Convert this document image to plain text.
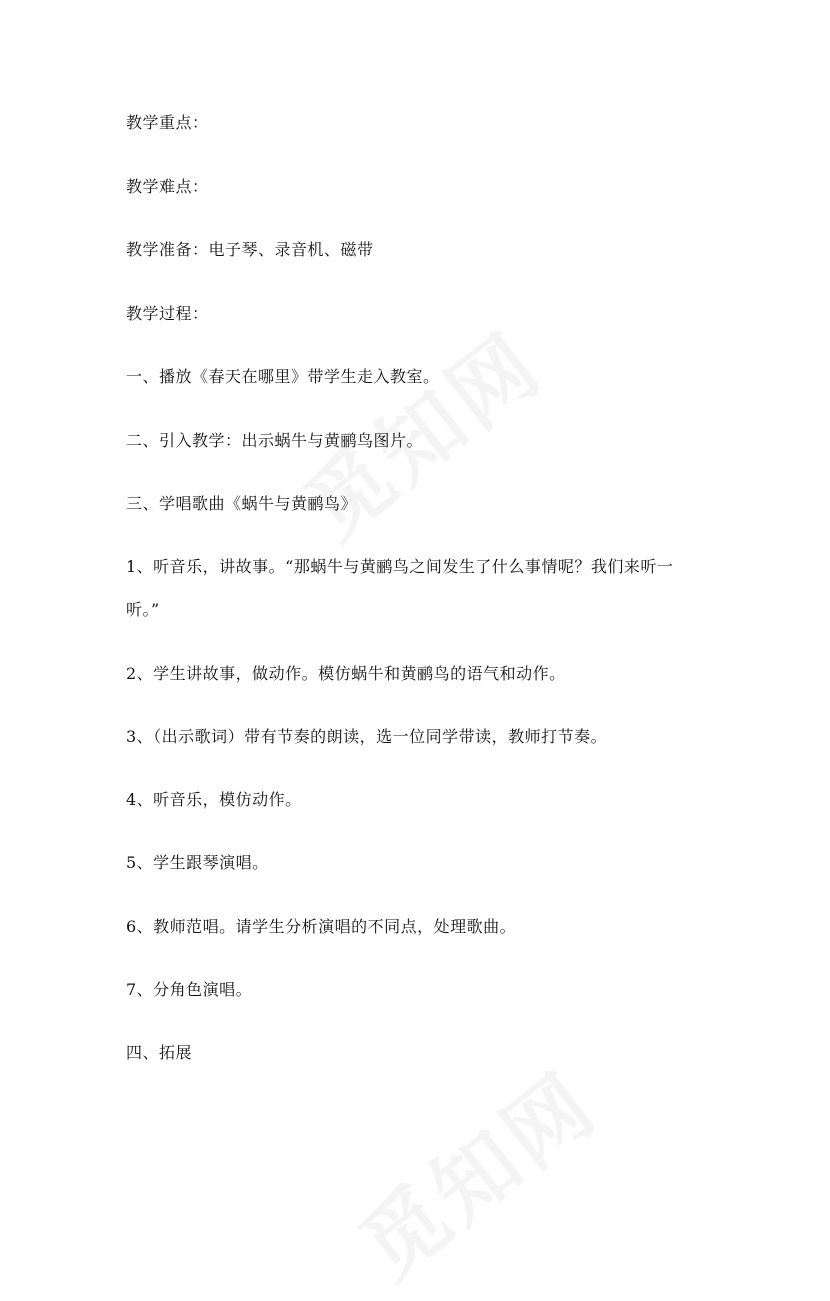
教学重点：
教学难点：
教学准备：电子琴、录音机、磁带
教学过程：
一、播放《春天在哪里》带学生走入教室。
二、引入教学：出示蜗牛与黄鹂鸟图片。
三、学唱歌曲《蜗牛与黄鹂鸟》
1、听音乐，讲故事。“那蜗牛与黄鹂鸟之间发生了什么事情呢？我们来听一
听。”
2、学生讲故事，做动作。模仿蜗牛和黄鹂鸟的语气和动作。
3、（出示歌词）带有节奏的朗读，选一位同学带读，教师打节奏。
4、听音乐，模仿动作。
5、学生跟琴演唱。
6、教师范唱。请学生分析演唱的不同点，处理歌曲。
7、分角色演唱。
四、拓展
